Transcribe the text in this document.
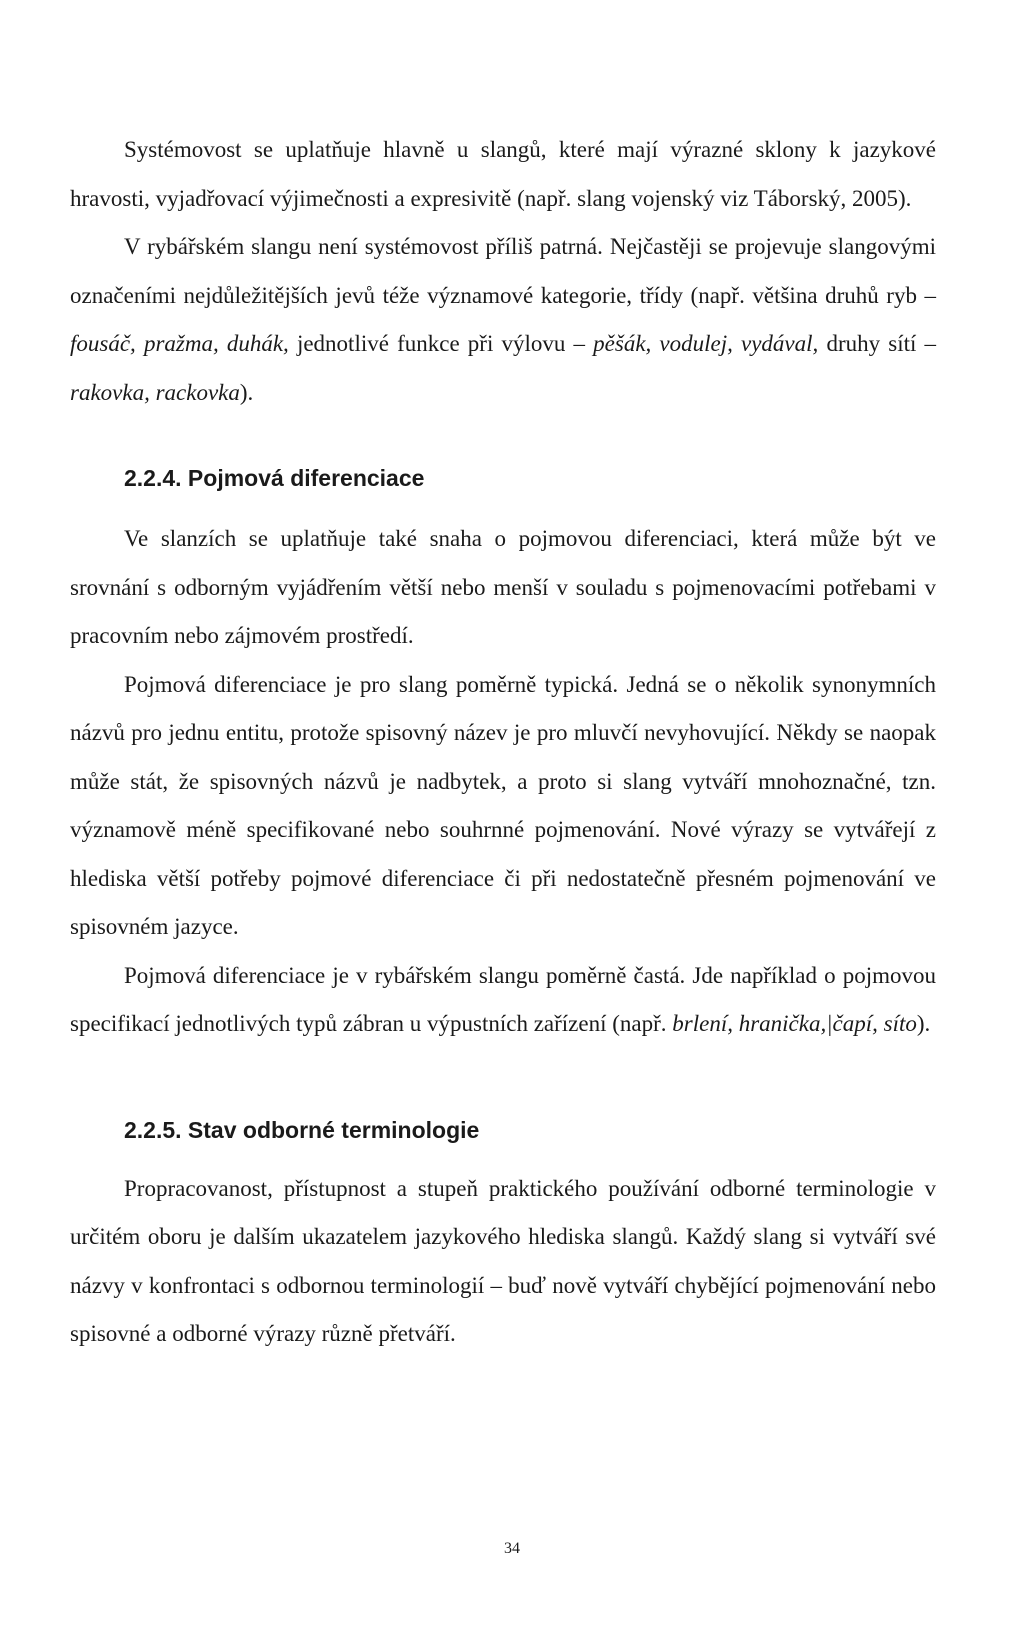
Systémovost se uplatňuje hlavně u slangů, které mají výrazné sklony k jazykové hravosti, vyjadřovací výjimečnosti a expresivitě (např. slang vojenský viz Táborský, 2005).

V rybářském slangu není systémovost příliš patrná. Nejčastěji se projevuje slangovými označeními nejdůležitějších jevů téže významové kategorie, třídy (např. většina druhů ryb – fousáč, pražma, duhák, jednotlivé funkce při výlovu – pěšák, vodulej, vydával, druhy sítí – rakovka, rackovka).

2.2.4. Pojmová diferenciace

Ve slanzích se uplatňuje také snaha o pojmovou diferenciaci, která může být ve srovnání s odborným vyjádřením větší nebo menší v souladu s pojmenovacími potřebami v pracovním nebo zájmovém prostředí.

Pojmová diferenciace je pro slang poměrně typická. Jedná se o několik synonymních názvů pro jednu entitu, protože spisovný název je pro mluvčí nevyhovující. Někdy se naopak může stát, že spisovných názvů je nadbytek, a proto si slang vytváří mnohoznačné, tzn. významově méně specifikované nebo souhrnné pojmenování. Nové výrazy se vytvářejí z hlediska větší potřeby pojmové diferenciace či při nedostatečně přesném pojmenování ve spisovném jazyce.

Pojmová diferenciace je v rybářském slangu poměrně častá. Jde například o pojmovou specifikací jednotlivých typů zábran u výpustních zařízení (např. brlení, hranička,|čapí, síto).

2.2.5. Stav odborné terminologie

Propracovanost, přístupnost a stupeň praktického používání odborné terminologie v určitém oboru je dalším ukazatelem jazykového hlediska slangů. Každý slang si vytváří své názvy v konfrontaci s odbornou terminologií – buď nově vytváří chybějící pojmenování nebo spisovné a odborné výrazy různě přetváří.

34
